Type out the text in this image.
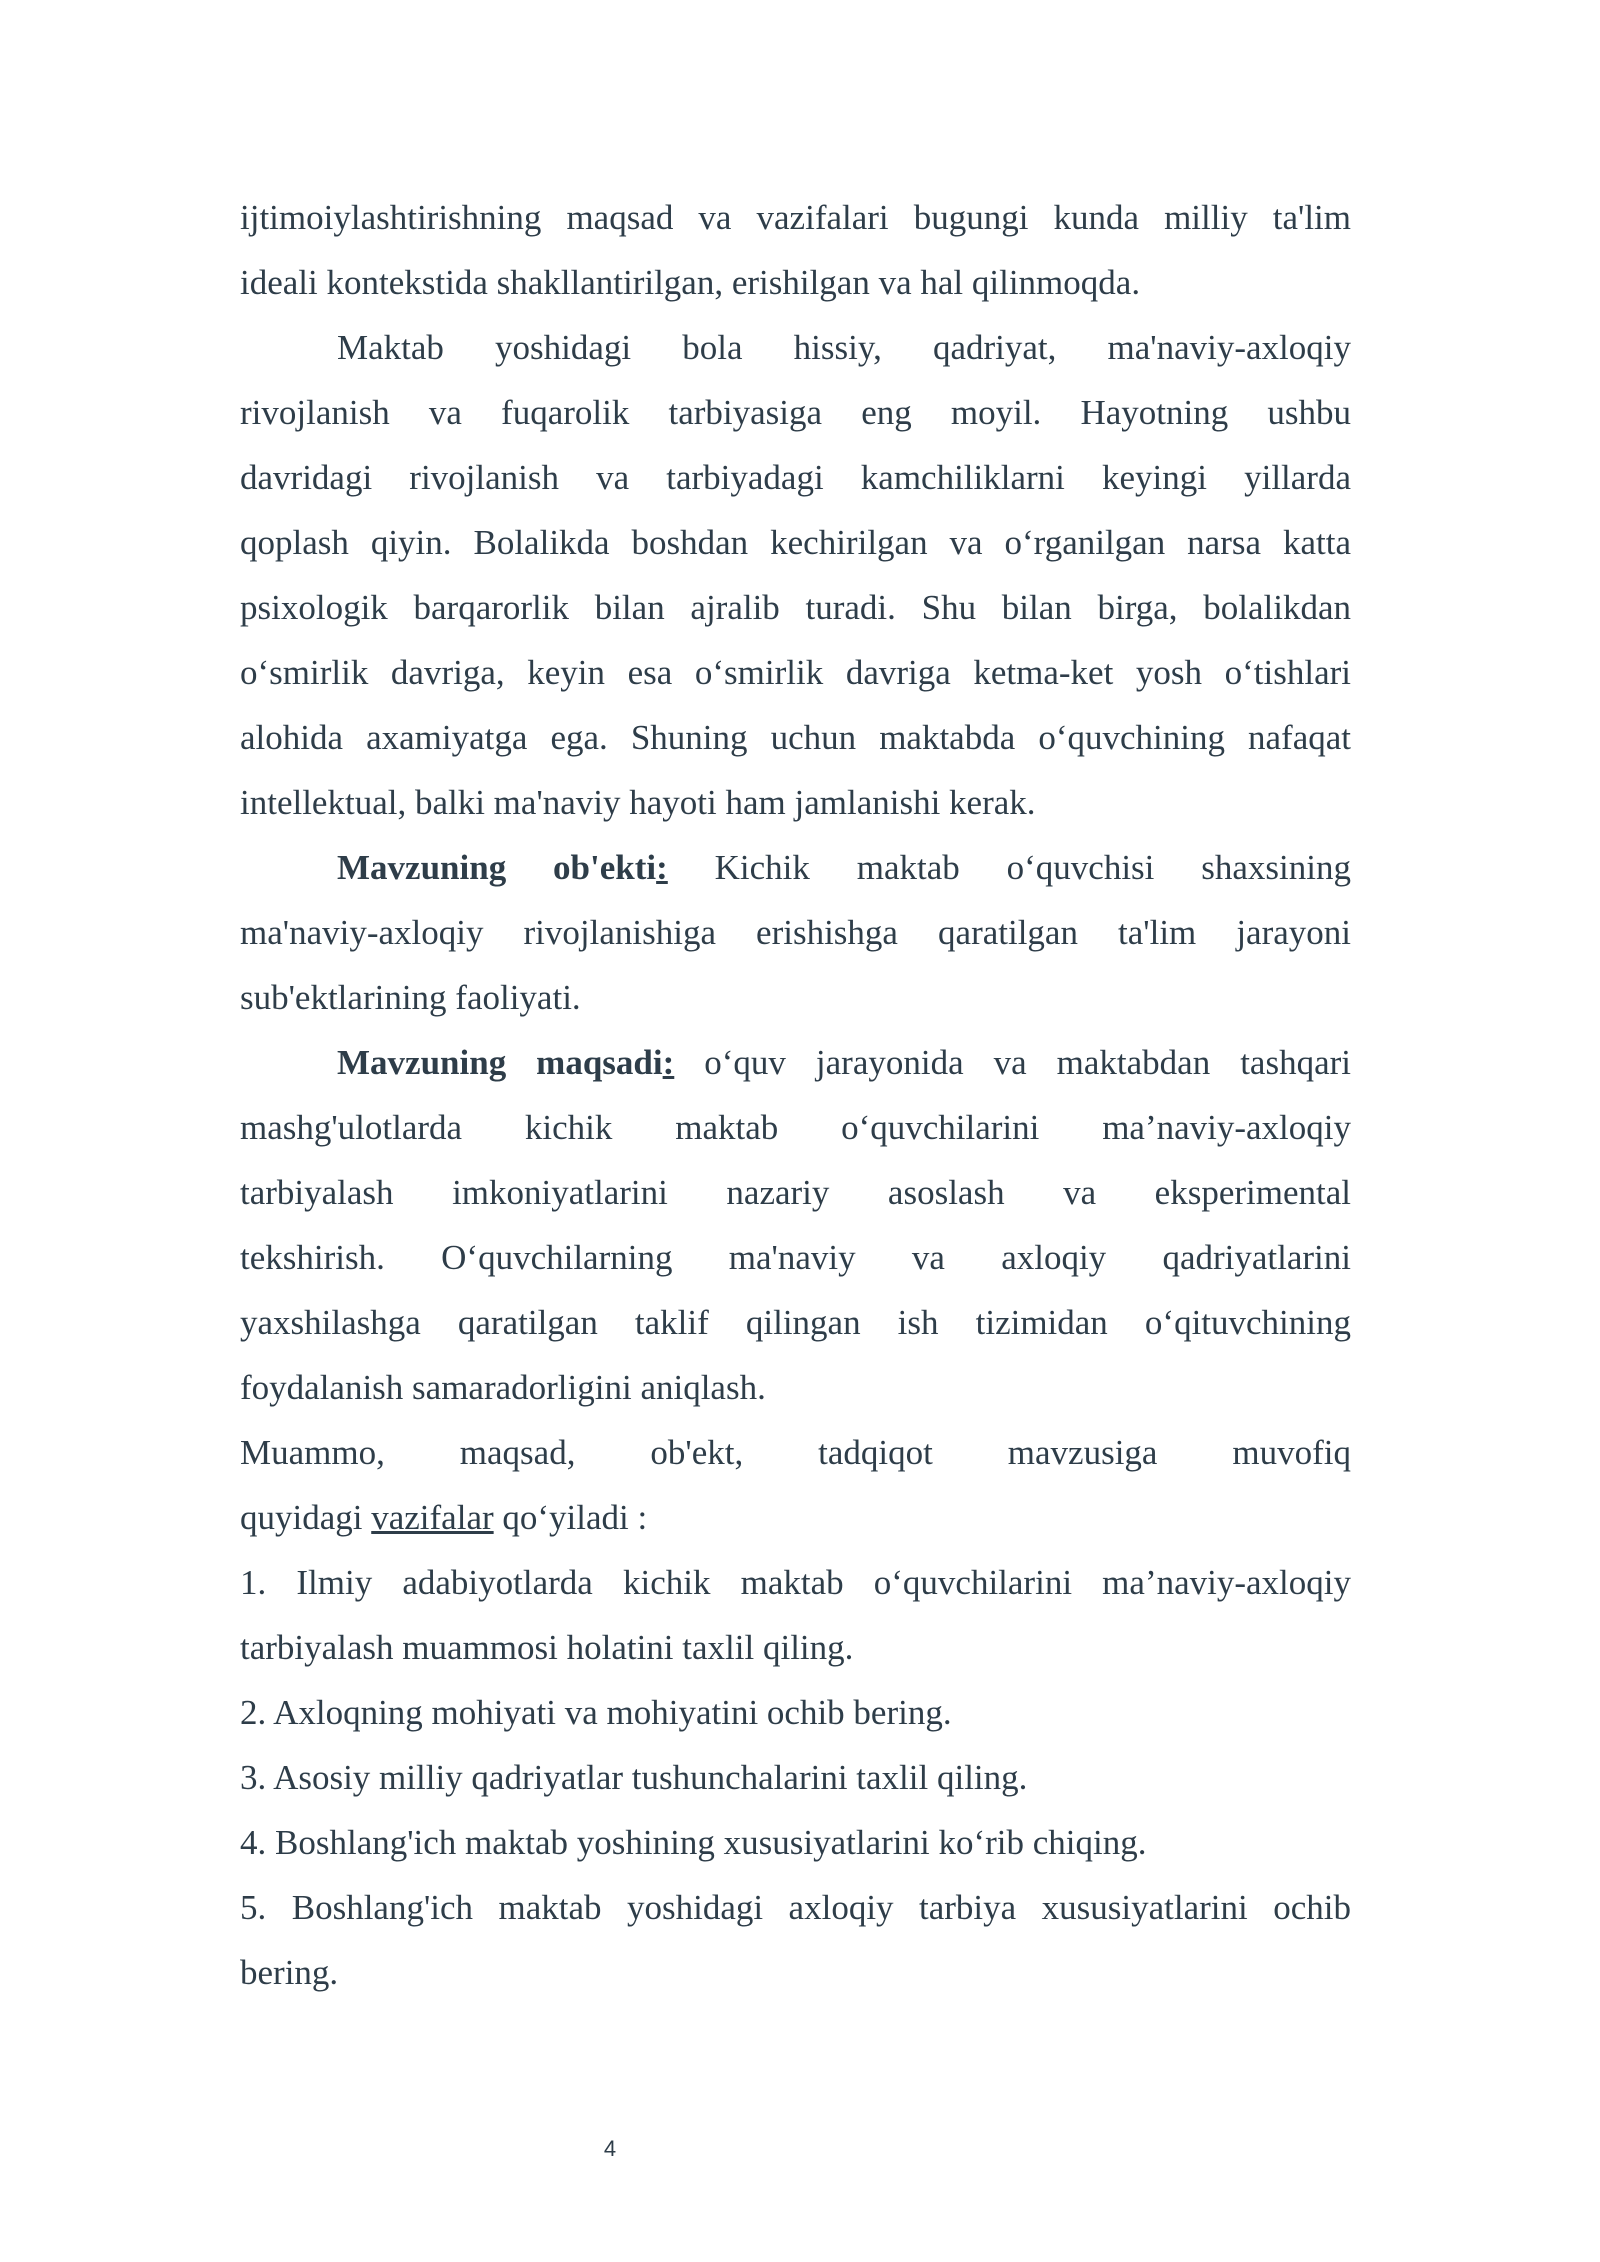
ijtimoiylashtirishning maqsad va vazifalari bugungi kunda milliy ta'lim
ideali kontekstida shakllantirilgan, erishilgan va hal qilinmoqda.
Maktab yoshidagi bola hissiy, qadriyat, ma'naviy-axloqiy
rivojlanish va fuqarolik tarbiyasiga eng moyil. Hayotning ushbu
davridagi rivojlanish va tarbiyadagi kamchiliklarni keyingi yillarda
qoplash qiyin. Bolalikda boshdan kechirilgan va o‘rganilgan narsa katta
psixologik barqarorlik bilan ajralib turadi. Shu bilan birga, bolalikdan
o‘smirlik davriga, keyin esa o‘smirlik davriga ketma-ket yosh o‘tishlari
alohida axamiyatga ega. Shuning uchun maktabda o‘quvchining nafaqat
intellektual, balki ma'naviy hayoti ham jamlanishi kerak.
Mavzuning ob'ekti: Kichik maktab o‘quvchisi shaxsining
ma'naviy-axloqiy rivojlanishiga erishishga qaratilgan ta'lim jarayoni
sub'ektlarining faoliyati.
Mavzuning maqsadi: o‘quv jarayonida va maktabdan tashqari
mashg'ulotlarda kichik maktab o‘quvchilarini ma’naviy-axloqiy
tarbiyalash imkoniyatlarini nazariy asoslash va eksperimental
tekshirish. O‘quvchilarning ma'naviy va axloqiy qadriyatlarini
yaxshilashga qaratilgan taklif qilingan ish tizimidan o‘qituvchining
foydalanish samaradorligini aniqlash.
Muammo, maqsad, ob'ekt, tadqiqot mavzusiga muvofiq
quyidagi vazifalar qo‘yiladi :
1. Ilmiy adabiyotlarda kichik maktab o‘quvchilarini ma’naviy-axloqiy
tarbiyalash muammosi holatini taxlil qiling.
2. Axloqning mohiyati va mohiyatini ochib bering.
3. Asosiy milliy qadriyatlar tushunchalarini taxlil qiling.
4. Boshlang'ich maktab yoshining xususiyatlarini ko‘rib chiqing.
5. Boshlang'ich maktab yoshidagi axloqiy tarbiya xususiyatlarini ochib
bering.
4
